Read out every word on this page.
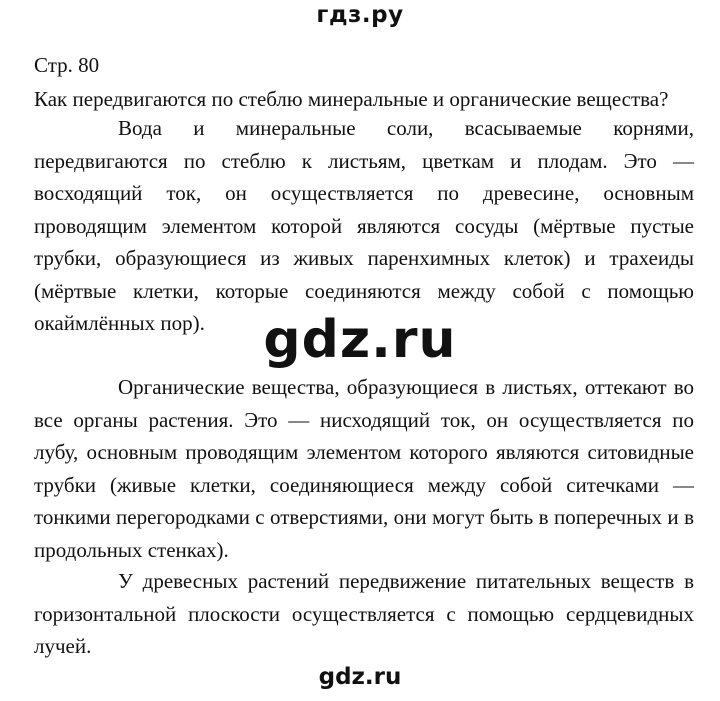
гдз.ру
Стр. 80
Как передвигаются по стеблю минеральные и органические вещества?

Вода и минеральные соли, всасываемые корнями, передвигаются по стеблю к листьям, цветкам и плодам. Это — восходящий ток, он осуществляется по древесине, основным проводящим элементом которой являются сосуды (мёртвые пустые трубки, образующиеся из живых паренхимных клеток) и трахеиды (мёртвые клетки, которые соединяются между собой с помощью окаймлённых пор).	gdz.ru

Органические вещества, образующиеся в листьях, оттекают во все органы растения. Это — нисходящий ток, он осуществляется по лубу, основным проводящим элементом которого являются ситовидные трубки (живые клетки, соединяющиеся между собой ситечками — тонкими перегородками с отверстиями, они могут быть в поперечных и в продольных стенках).

У древесных растений передвижение питательных веществ в горизонтальной плоскости осуществляется с помощью сердцевидных лучей.

gdz.ru
